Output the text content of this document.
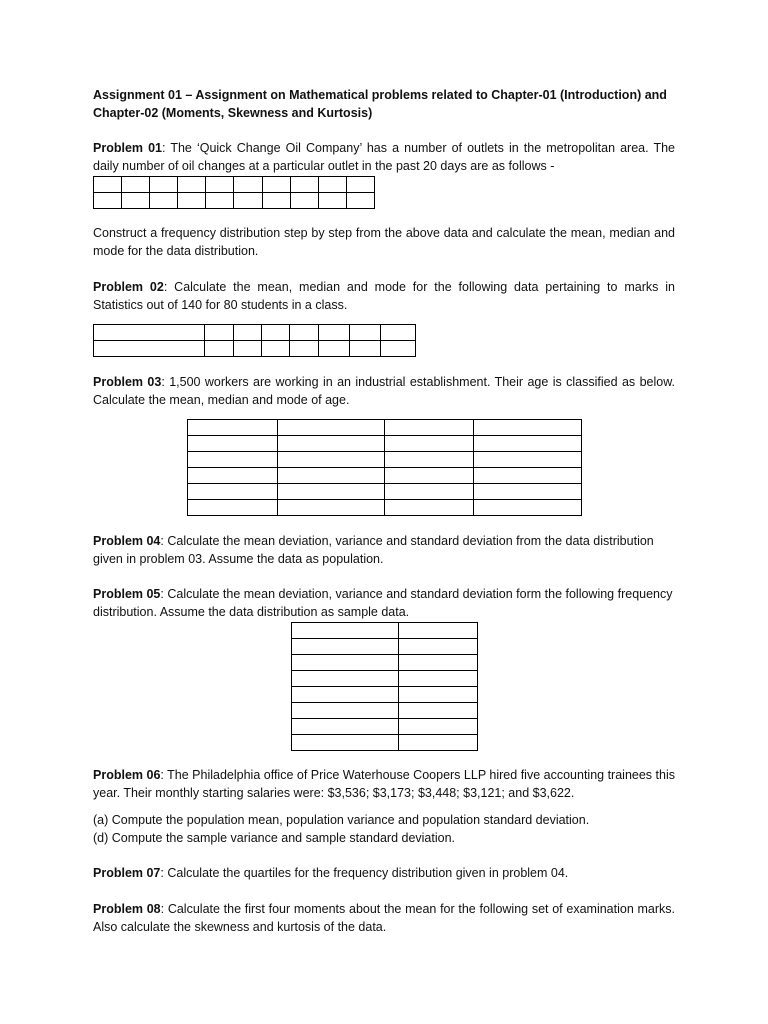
Assignment 01 – Assignment on Mathematical problems related to Chapter-01 (Introduction) and
Chapter-02 (Moments, Skewness and Kurtosis)

Problem 01: The ‘Quick Change Oil Company’ has a number of outlets in the metropolitan area. The daily number of oil changes at a particular outlet in the past 20 days are as follows -

Construct a frequency distribution step by step from the above data and calculate the mean, median and mode for the data distribution.

Problem 02: Calculate the mean, median and mode for the following data pertaining to marks in Statistics out of 140 for 80 students in a class.

Problem 03: 1,500 workers are working in an industrial establishment. Their age is classified as below. Calculate the mean, median and mode of age.

Problem 04: Calculate the mean deviation, variance and standard deviation from the data distribution given in problem 03. Assume the data as population.

Problem 05: Calculate the mean deviation, variance and standard deviation form the following frequency distribution. Assume the data distribution as sample data.

Problem 06: The Philadelphia office of Price Waterhouse Coopers LLP hired five accounting trainees this year. Their monthly starting salaries were: $3,536; $3,173; $3,448; $3,121; and $3,622.

(a) Compute the population mean, population variance and population standard deviation.
(d) Compute the sample variance and sample standard deviation.

Problem 07: Calculate the quartiles for the frequency distribution given in problem 04.

Problem 08: Calculate the first four moments about the mean for the following set of examination marks. Also calculate the skewness and kurtosis of the data.
